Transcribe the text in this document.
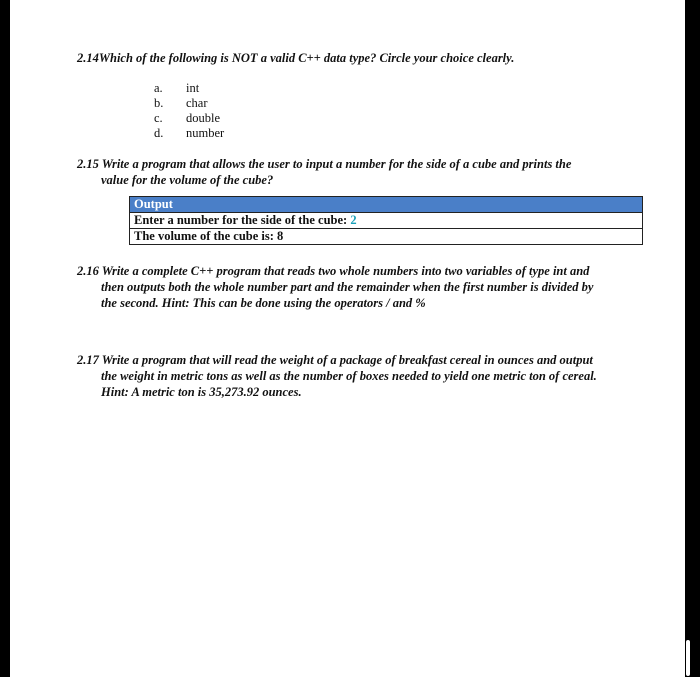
2.14Which of the following is NOT a valid C++ data type? Circle your choice clearly.
a.	int
b.	char
c.	double
d.	number
2.15 Write a program that allows the user to input a number for the side of a cube and prints the
value for the volume of the cube?
Output
Enter a number for the side of the cube: 2
The volume of the cube is: 8
2.16 Write a complete C++ program that reads two whole numbers into two variables of type int and
then outputs both the whole number part and the remainder when the first number is divided by
the second. Hint: This can be done using the operators / and %
2.17 Write a program that will read the weight of a package of breakfast cereal in ounces and output
the weight in metric tons as well as the number of boxes needed to yield one metric ton of cereal.
Hint: A metric ton is 35,273.92 ounces.
